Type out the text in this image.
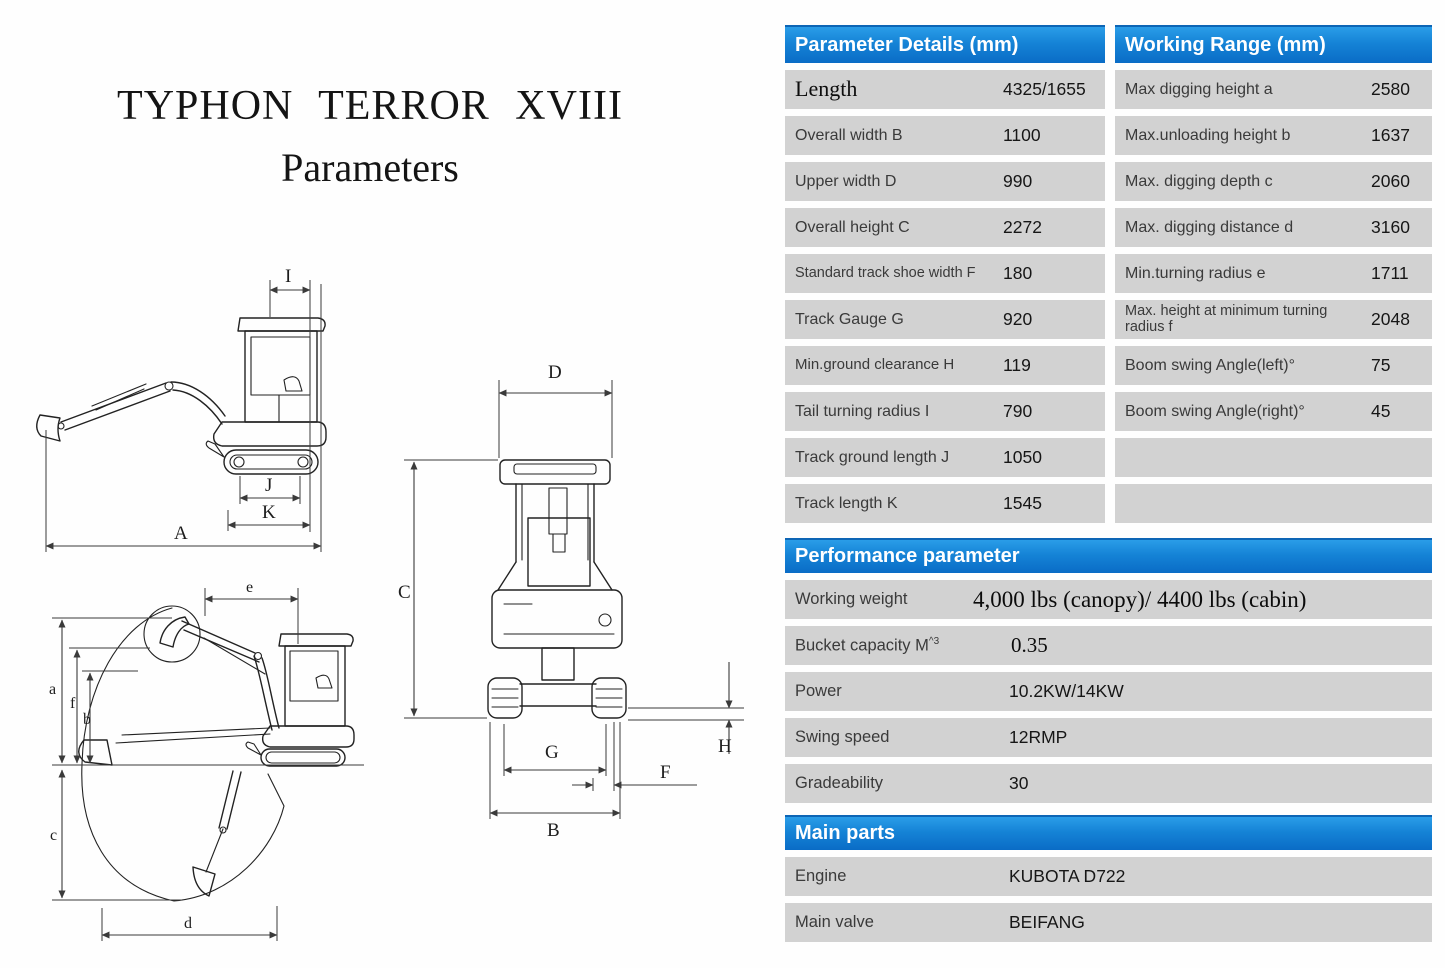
TYPHON TERROR XVIII
Parameters
I
J
K
A
D
C
H
G
F
B
e
a
f
b
c
d
Parameter Details (mm)	Working Range (mm)
Length	4325/1655	Max digging height a	2580
Overall width B	1100	Max.unloading height b	1637
Upper width D	990	Max. digging depth c	2060
Overall height C	2272	Max. digging distance d	3160
Standard track shoe width F 180	Min.turning radius e	1711
Track Gauge G	920	Max. height at minimum turning radius f	2048
Min.ground clearance H	119	Boom swing Angle(left)°	75
Tail turning radius I	790	Boom swing Angle(right)°	45
Track ground length J	1050
Track length K	1545
Performance parameter
Working weight	4,000 lbs (canopy)/ 4400 lbs (cabin)
Bucket capacity $M^{\^{}3}$	0.35
Power	10.2KW/14KW
Swing speed	12RMP
Gradeability	30
Main parts
Engine	KUBOTA D722
Main valve	BEIFANG
